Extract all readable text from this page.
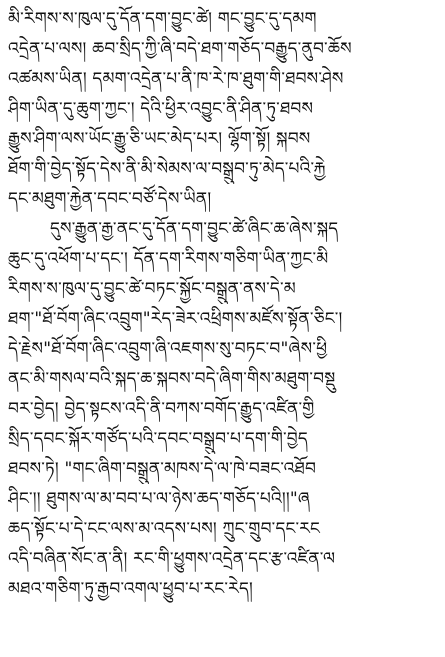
མི་རིགས་ས་ཁུལ་དུ་དོན་དག་བྱུང་ཚེ། གང་བྱུང་དུ་དམག
འདྲེན་པ་ལས། ཆབ་སྲིད་ཀྱི་ཞི་བདེ་ཐག་གཅོད་བརྒྱུད་ནུབ་ཆོས
འཚམས་ཡིན། དམག་འདྲེན་པ་ནི་ཁ་རེ་ཁ་ཐུག་གི་ཐབས་ཤེས
ཤིག་ཡིན་དུ་ཆུག་ཀྱང་། དེའི་ཕྱིར་འབྱུང་ནི་ཤིན་ཏུ་ཐབས
རྒྱུས་ཤིག་ལས་ཡོང་རྒྱུ་ཅི་ཡང་མེད་པར། ལྷོག་སྟོ། སྐབས
ཐོག་གི་བྱེད་སྟོད་དེས་ནི་མི་སེམས་ལ་བསྒྲུབ་ཏུ་མེད་པའི་རྐྱེ
དང་མཐུག་རྐྱེན་དབང་བཙོ་དེས་ཡིན།
དུས་རྒྱུན་རྒྱ་ནང་དུ་དོན་དག་བྱུང་ཚེ་ཞིང་ཆ་ཞེས་སྐད
ཆུང་དུ་འཕོག་པ་དང་། དོན་དག་རིགས་གཅིག་ཡིན་ཀྱང་མི
རིགས་ས་ཁུལ་དུ་བྱུང་ཚེ་བཏང་སྐྱོང་བསྒྲུན་ནས་དེ་མ
ཐག་"ཐོ་བོག་ཞིང་འབྲུག"རེད་ཟེར་འཕྲིགས་མཛོས་སྟོན་ཅིང་།
དེ་རྗེས"ཐོ་བོག་ཞིང་འབྲུག་ཞི་འཇགས་སུ་བཏང་བ"ཞེས་ཕྱི
ནང་མི་གསལ་བའི་སྐད་ཆ་སྐབས་བདེ་ཞིག་གིས་མཐུག་བསྡུ
བར་བྱེད། བྱེད་སྟངས་འདི་ནི་བཀས་བགོད་རྒྱུད་འཛིན་གྱི
སྲིད་དབང་སྐོར་གཙོད་པའི་དབང་བསྒྲུབ་པ་དག་གི་བྱེད
ཐབས་ཏེ། "གང་ཞིག་བསྒྲུན་མཁས་དེ་ལ་ཁེ་བཟང་འཐོབ
ཤིང་།། ཐུགས་ལ་མ་བབ་པ་ལ་ཉེས་ཆད་གཅོད་པའི།།"ཞ
ཆད་སྟོང་པ་དེ་ངང་ལས་མ་འདས་པས། ཀྲུང་གྲུབ་དང་རང
འདི་བཞིན་སོང་ན་ནི། རང་གི་ཕྱུགས་འདྲེན་དང་རྩ་འཛིན་ལ
མཐའ་གཅིག་ཏུ་རྒྱབ་འགལ་ཕྱུབ་པ་རང་རེད།
